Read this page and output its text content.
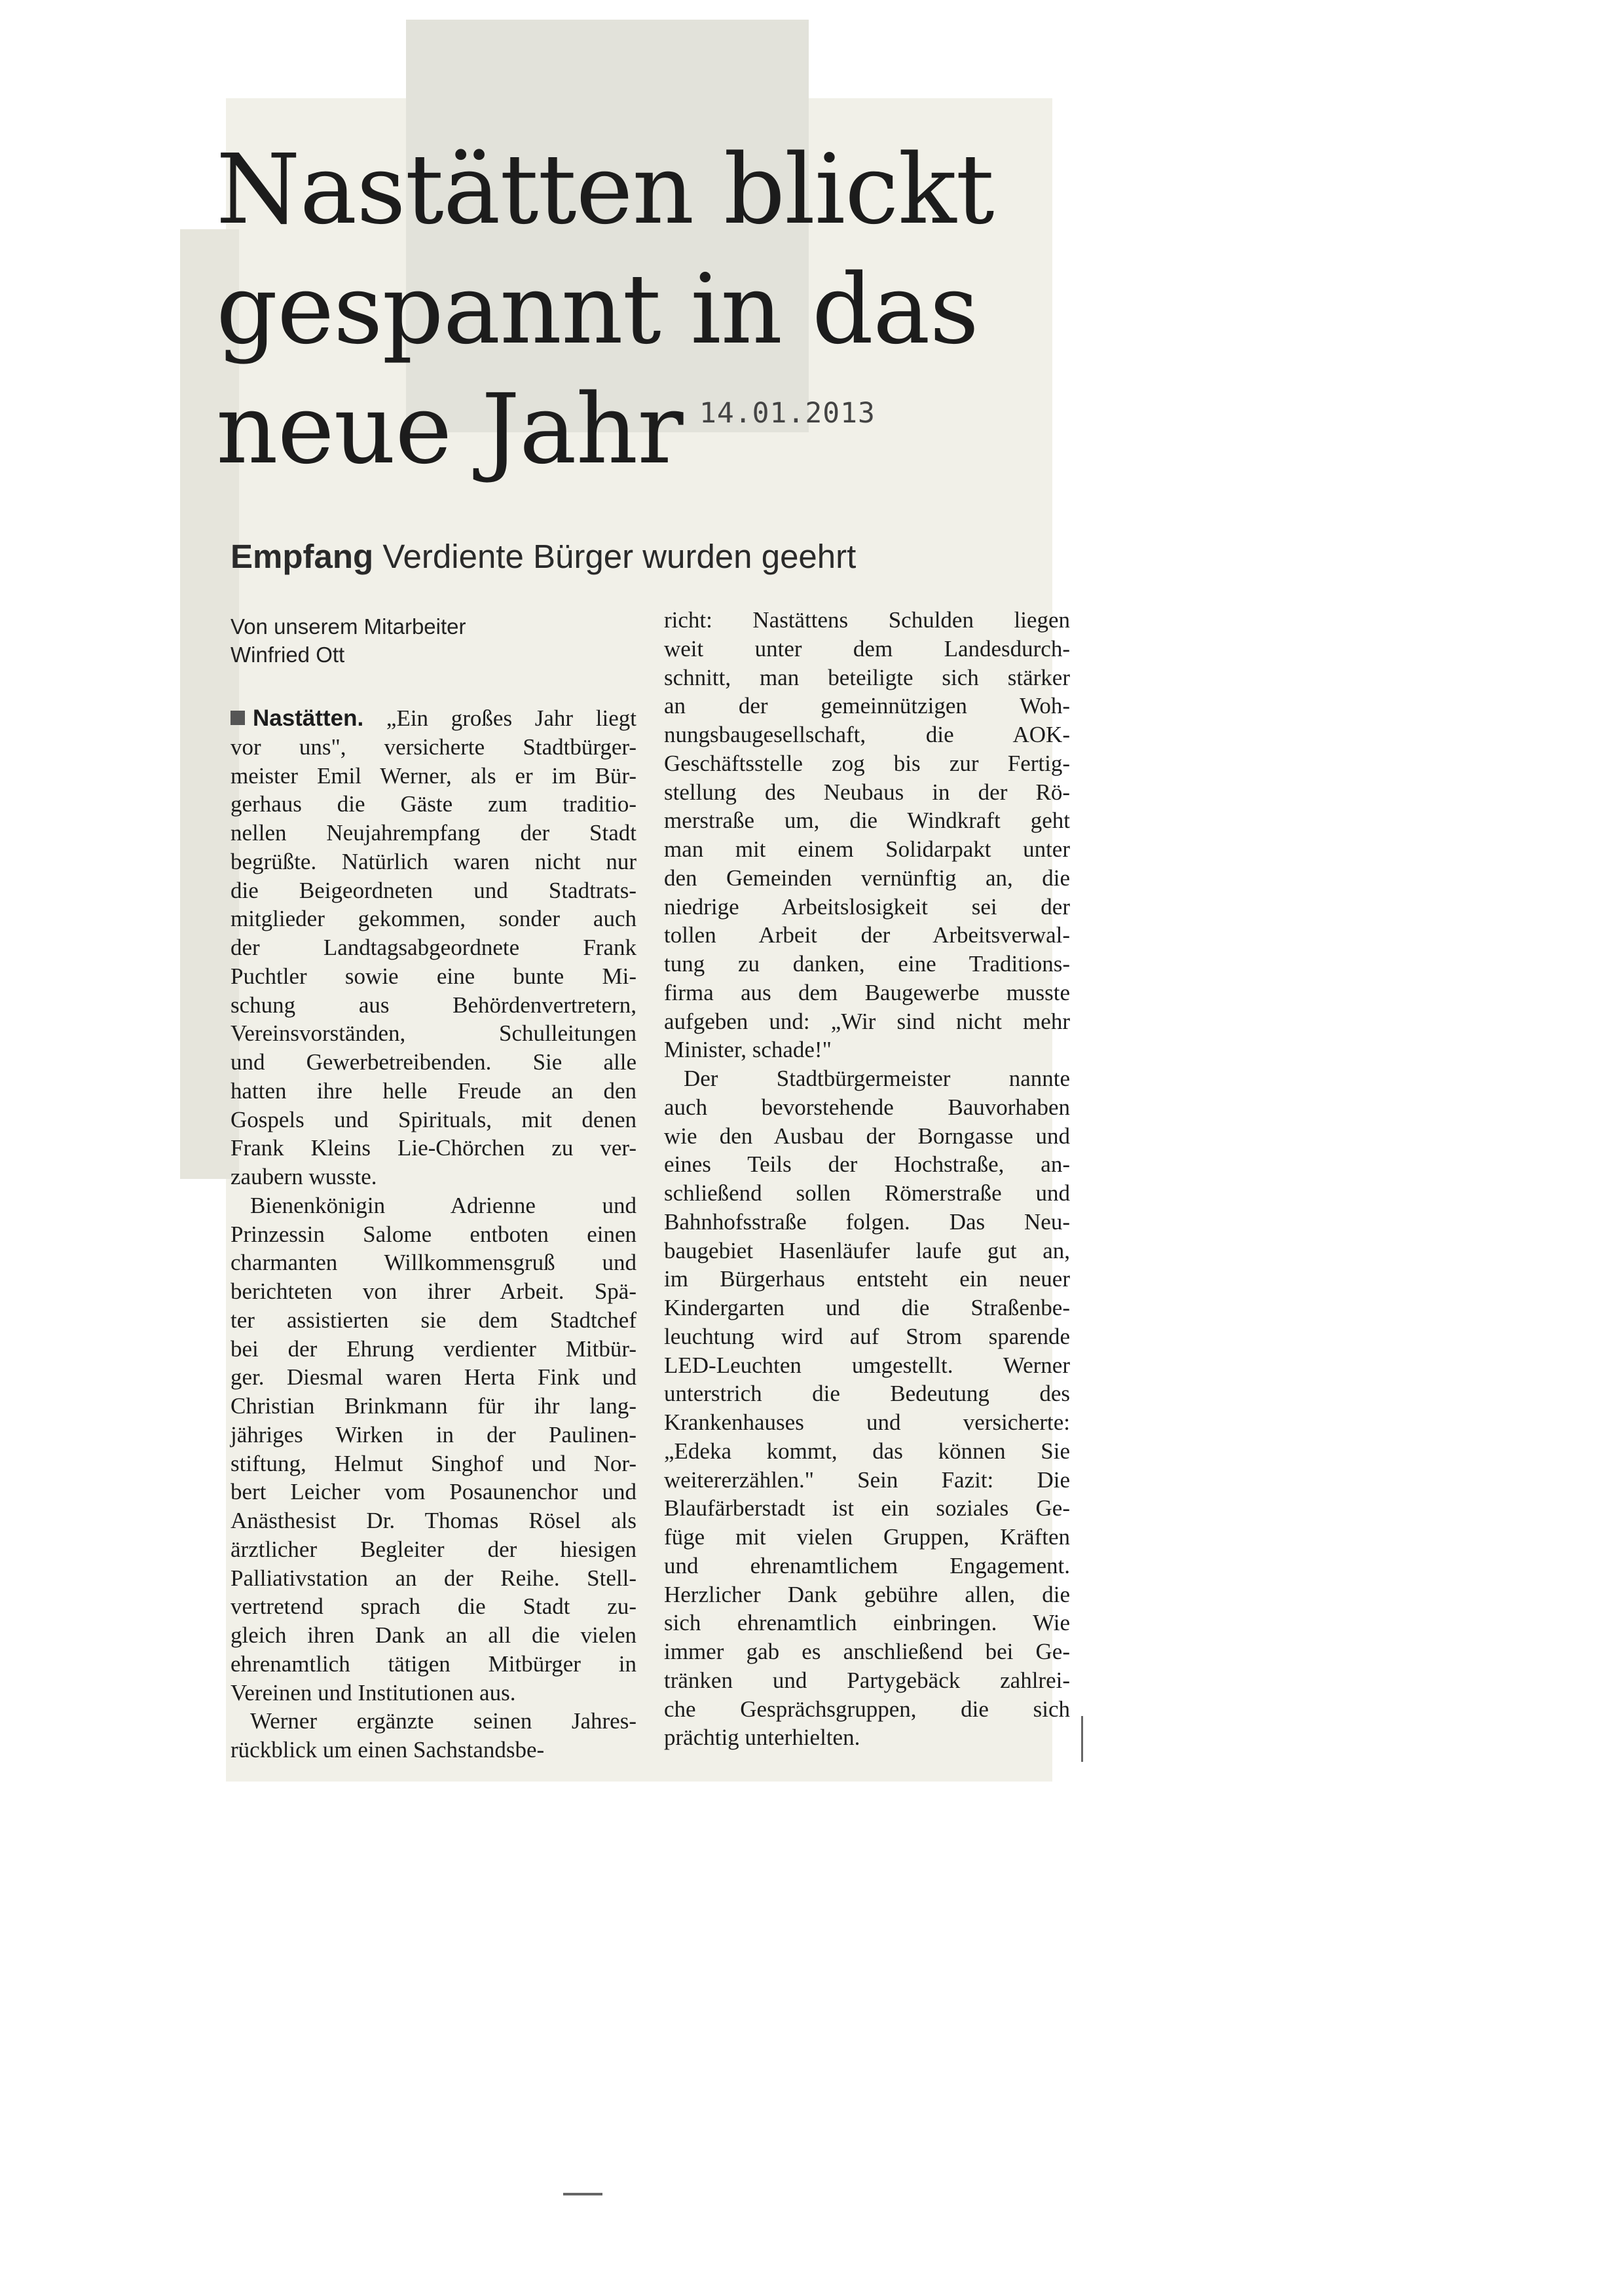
Nastätten blickt
gespannt in das
neue Jahr 14.01.2013
Empfang Verdiente Bürger wurden geehrt
Von unserem Mitarbeiter
Winfried Ott
Nastätten. „Ein großes Jahr liegt
vor uns", versicherte Stadtbürger-
meister Emil Werner, als er im Bür-
gerhaus die Gäste zum traditio-
nellen Neujahrempfang der Stadt
begrüßte. Natürlich waren nicht nur
die Beigeordneten und Stadtrats-
mitglieder gekommen, sonder auch
der Landtagsabgeordnete Frank
Puchtler sowie eine bunte Mi-
schung aus Behördenvertretern,
Vereinsvorständen, Schulleitungen
und Gewerbetreibenden. Sie alle
hatten ihre helle Freude an den
Gospels und Spirituals, mit denen
Frank Kleins Lie-Chörchen zu ver-
zaubern wusste.
Bienenkönigin Adrienne und
Prinzessin Salome entboten einen
charmanten Willkommensgruß und
berichteten von ihrer Arbeit. Spä-
ter assistierten sie dem Stadtchef
bei der Ehrung verdienter Mitbür-
ger. Diesmal waren Herta Fink und
Christian Brinkmann für ihr lang-
jähriges Wirken in der Paulinen-
stiftung, Helmut Singhof und Nor-
bert Leicher vom Posaunenchor und
Anästhesist Dr. Thomas Rösel als
ärztlicher Begleiter der hiesigen
Palliativstation an der Reihe. Stell-
vertretend sprach die Stadt zu-
gleich ihren Dank an all die vielen
ehrenamtlich tätigen Mitbürger in
Vereinen und Institutionen aus.
Werner ergänzte seinen Jahres-
rückblick um einen Sachstandsbe-
richt: Nastättens Schulden liegen
weit unter dem Landesdurch-
schnitt, man beteiligte sich stärker
an der gemeinnützigen Woh-
nungsbaugesellschaft, die AOK-
Geschäftsstelle zog bis zur Fertig-
stellung des Neubaus in der Rö-
merstraße um, die Windkraft geht
man mit einem Solidarpakt unter
den Gemeinden vernünftig an, die
niedrige Arbeitslosigkeit sei der
tollen Arbeit der Arbeitsverwal-
tung zu danken, eine Traditions-
firma aus dem Baugewerbe musste
aufgeben und: „Wir sind nicht mehr
Minister, schade!"
Der Stadtbürgermeister nannte
auch bevorstehende Bauvorhaben
wie den Ausbau der Borngasse und
eines Teils der Hochstraße, an-
schließend sollen Römerstraße und
Bahnhofsstraße folgen. Das Neu-
baugebiet Hasenläufer laufe gut an,
im Bürgerhaus entsteht ein neuer
Kindergarten und die Straßenbe-
leuchtung wird auf Strom sparende
LED-Leuchten umgestellt. Werner
unterstrich die Bedeutung des
Krankenhauses und versicherte:
„Edeka kommt, das können Sie
weitererzählen." Sein Fazit: Die
Blaufärberstadt ist ein soziales Ge-
füge mit vielen Gruppen, Kräften
und ehrenamtlichem Engagement.
Herzlicher Dank gebühre allen, die
sich ehrenamtlich einbringen. Wie
immer gab es anschließend bei Ge-
tränken und Partygebäck zahlrei-
che Gesprächsgruppen, die sich
prächtig unterhielten.
